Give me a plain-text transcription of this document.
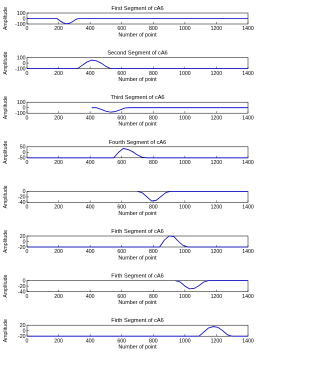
First Segment of cA6
100
0
-100
0	200	400	600	800	1000	1200	1400
Amplitude
Number of point
Second Segment of cA6
100
0
-100
0	200	400	600	800	1000	1200	1400
Amplitude
Number of point
Third Segment of cA6
100
0
-100
0	200	400	600	800	1000	1200	1400
Amplitude
Number of point
Fourth Segment of cA6
50
0
-50
0	200	400	600	800	1000	1200	1400
Amplitude
0
-20
-40
0	200	400	600	800	1000	1200	1400
Amplitude
Number of point
Firth Segment of cA6
20
0
-20
0	200	400	600	800	1000	1200	1400
Amplitude
Number of point
Firth Segment of cA6
0
-20
-40
0	200	400	600	800	1000	1200	1400
Amplitude
Number of point
Firth Segment of cA6
20
0
-20
0	200	400	600	800	1000	1200	1400
Amplitude
Number of point
